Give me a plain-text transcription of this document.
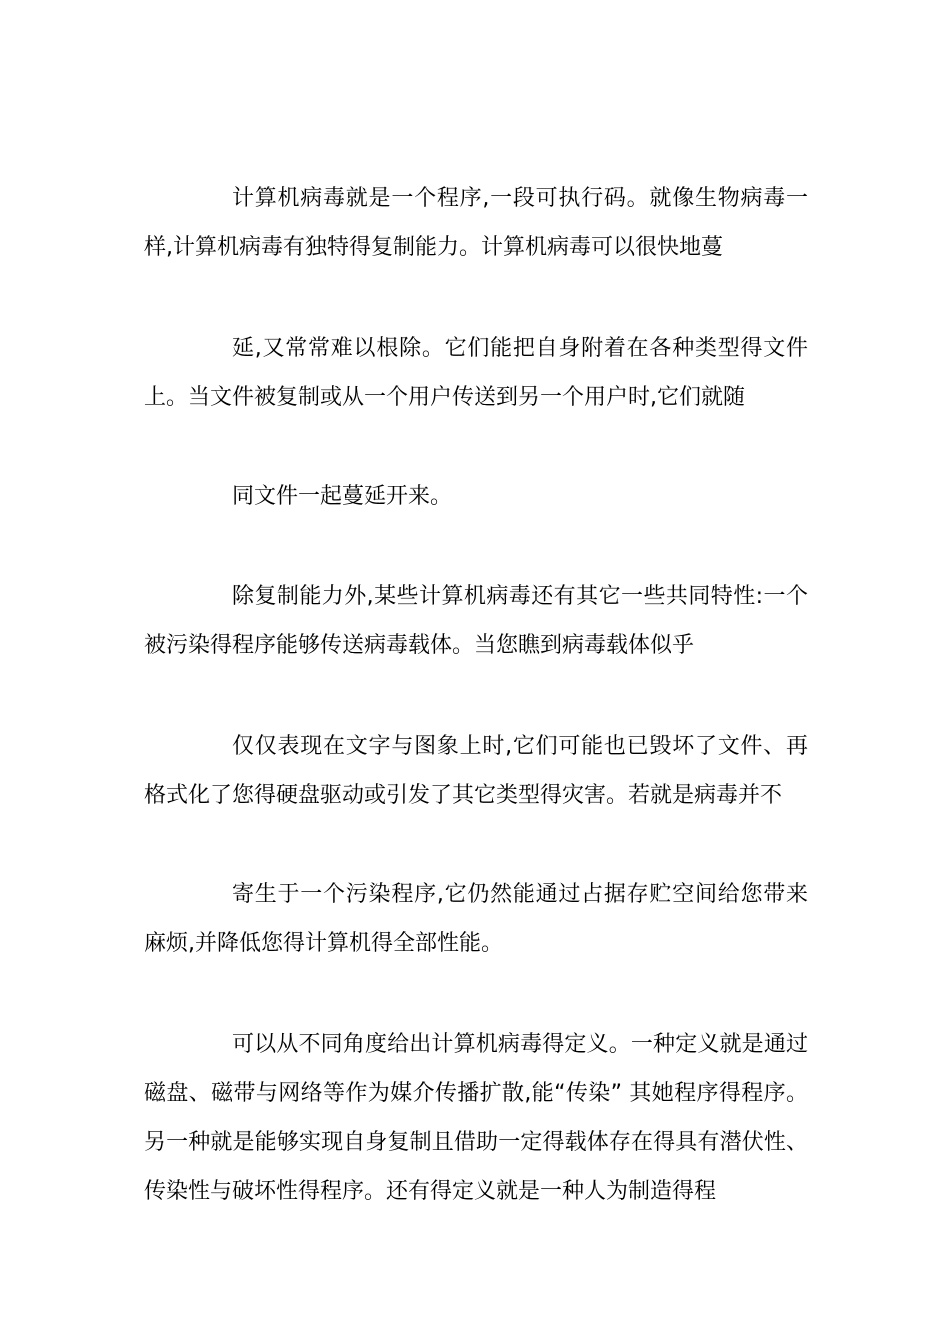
计算机病毒就是一个程序,一段可执行码。就像生物病毒一样,计算机病毒有独特得复制能力。计算机病毒可以很快地蔓

延,又常常难以根除。它们能把自身附着在各种类型得文件上。当文件被复制或从一个用户传送到另一个用户时,它们就随

同文件一起蔓延开来。

除复制能力外,某些计算机病毒还有其它一些共同特性:一个被污染得程序能够传送病毒载体。当您瞧到病毒载体似乎

仅仅表现在文字与图象上时,它们可能也已毁坏了文件、再格式化了您得硬盘驱动或引发了其它类型得灾害。若就是病毒并不

寄生于一个污染程序,它仍然能通过占据存贮空间给您带来麻烦,并降低您得计算机得全部性能。

可以从不同角度给出计算机病毒得定义。一种定义就是通过磁盘、磁带与网络等作为媒介传播扩散,能“传染” 其她程序得程序。另一种就是能够实现自身复制且借助一定得载体存在得具有潜伏性、传染性与破坏性得程序。还有得定义就是一种人为制造得程
